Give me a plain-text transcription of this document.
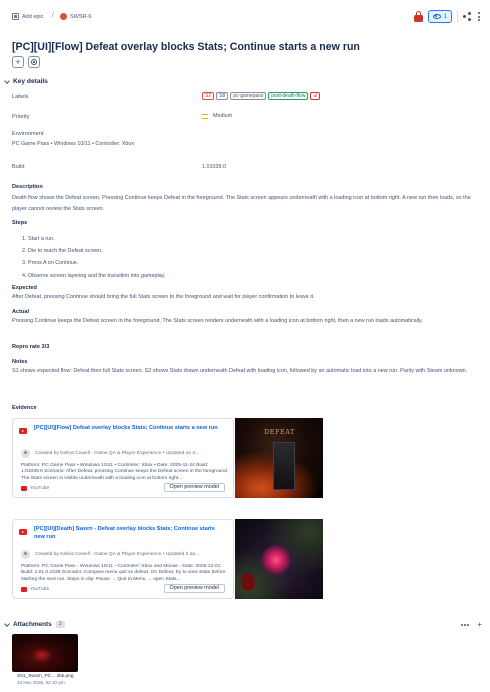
Add epic /	SWSR-6	1
[PC][UI][Flow] Defeat overlay blocks Stats; Continue starts a new run
+
Key details
Labels	S2	S8	pc-gamepass	post-death-flow	ui
Priority	Medium
Environment
PC Game Pass • Windows 10/11 • Controller: Xbox
Build	1.01039.0
Description
Death flow shows the Defeat screen. Pressing Continue keeps Defeat in the foreground. The Stats screen appears underneath with a loading icon at bottom right. A new run then loads, so the player cannot review the Stats screen.
Steps
1. Start a run.
2. Die to reach the Defeat screen.
3. Press A on Continue.
4. Observe screen layering and the transition into gameplay.
Expected
After Defeat, pressing Continue should bring the full Stats screen to the foreground and wait for player confirmation to leave it.
Actual
Pressing Continue keeps the Defeat screen in the foreground. The Stats screen renders underneath with a loading icon at bottom right, then a new run loads automatically.
Repro rate 3/3
Notes
S1 shows expected flow: Defeat then full Stats screen. S2 shows Stats drawn underneath Defeat with loading icon, followed by an automatic load into a new run. Parity with Steam unknown.
Evidence
[PC][UI][Flow] Defeat overlay blocks Stats; Continue starts a new run
Created by Kelina Cowell - Game QA & Player Experience • Updated on 2-...
Platform: PC Game Pass • Windows 10/11 • Controller: Xbox • Date: 2025-11-24 Build: 1.01039.0 Scenario: After Defeat, pressing Continue keeps the Defeat screen in the foreground. The Stats screen is visible underneath with a loading icon at bottom right...
YouTube	Open preview model
DEFEAT
[PC][UI][Death] Sworn - Defeat overlay blocks Stats; Continue starts new run
Created by Kelina Cowell - Game QA & Player Experience • Updated 2 da...
Platform: PC Game Pass - Windows 10/11 - Controller: Xbox and Mouse - Date: 2025-12-01 Build: 1.01.0.1039 Scenario: Compare menu quit vs defeat. On Defeat, try to view Stats before starting the next run. Steps in clip: Pause → Quit to Menu → open Stats...
YouTube	Open preview model
Attachments	1	+
S01_Sworn_PC... 2bk.png
24 Nov 2025, 02:10 pm
